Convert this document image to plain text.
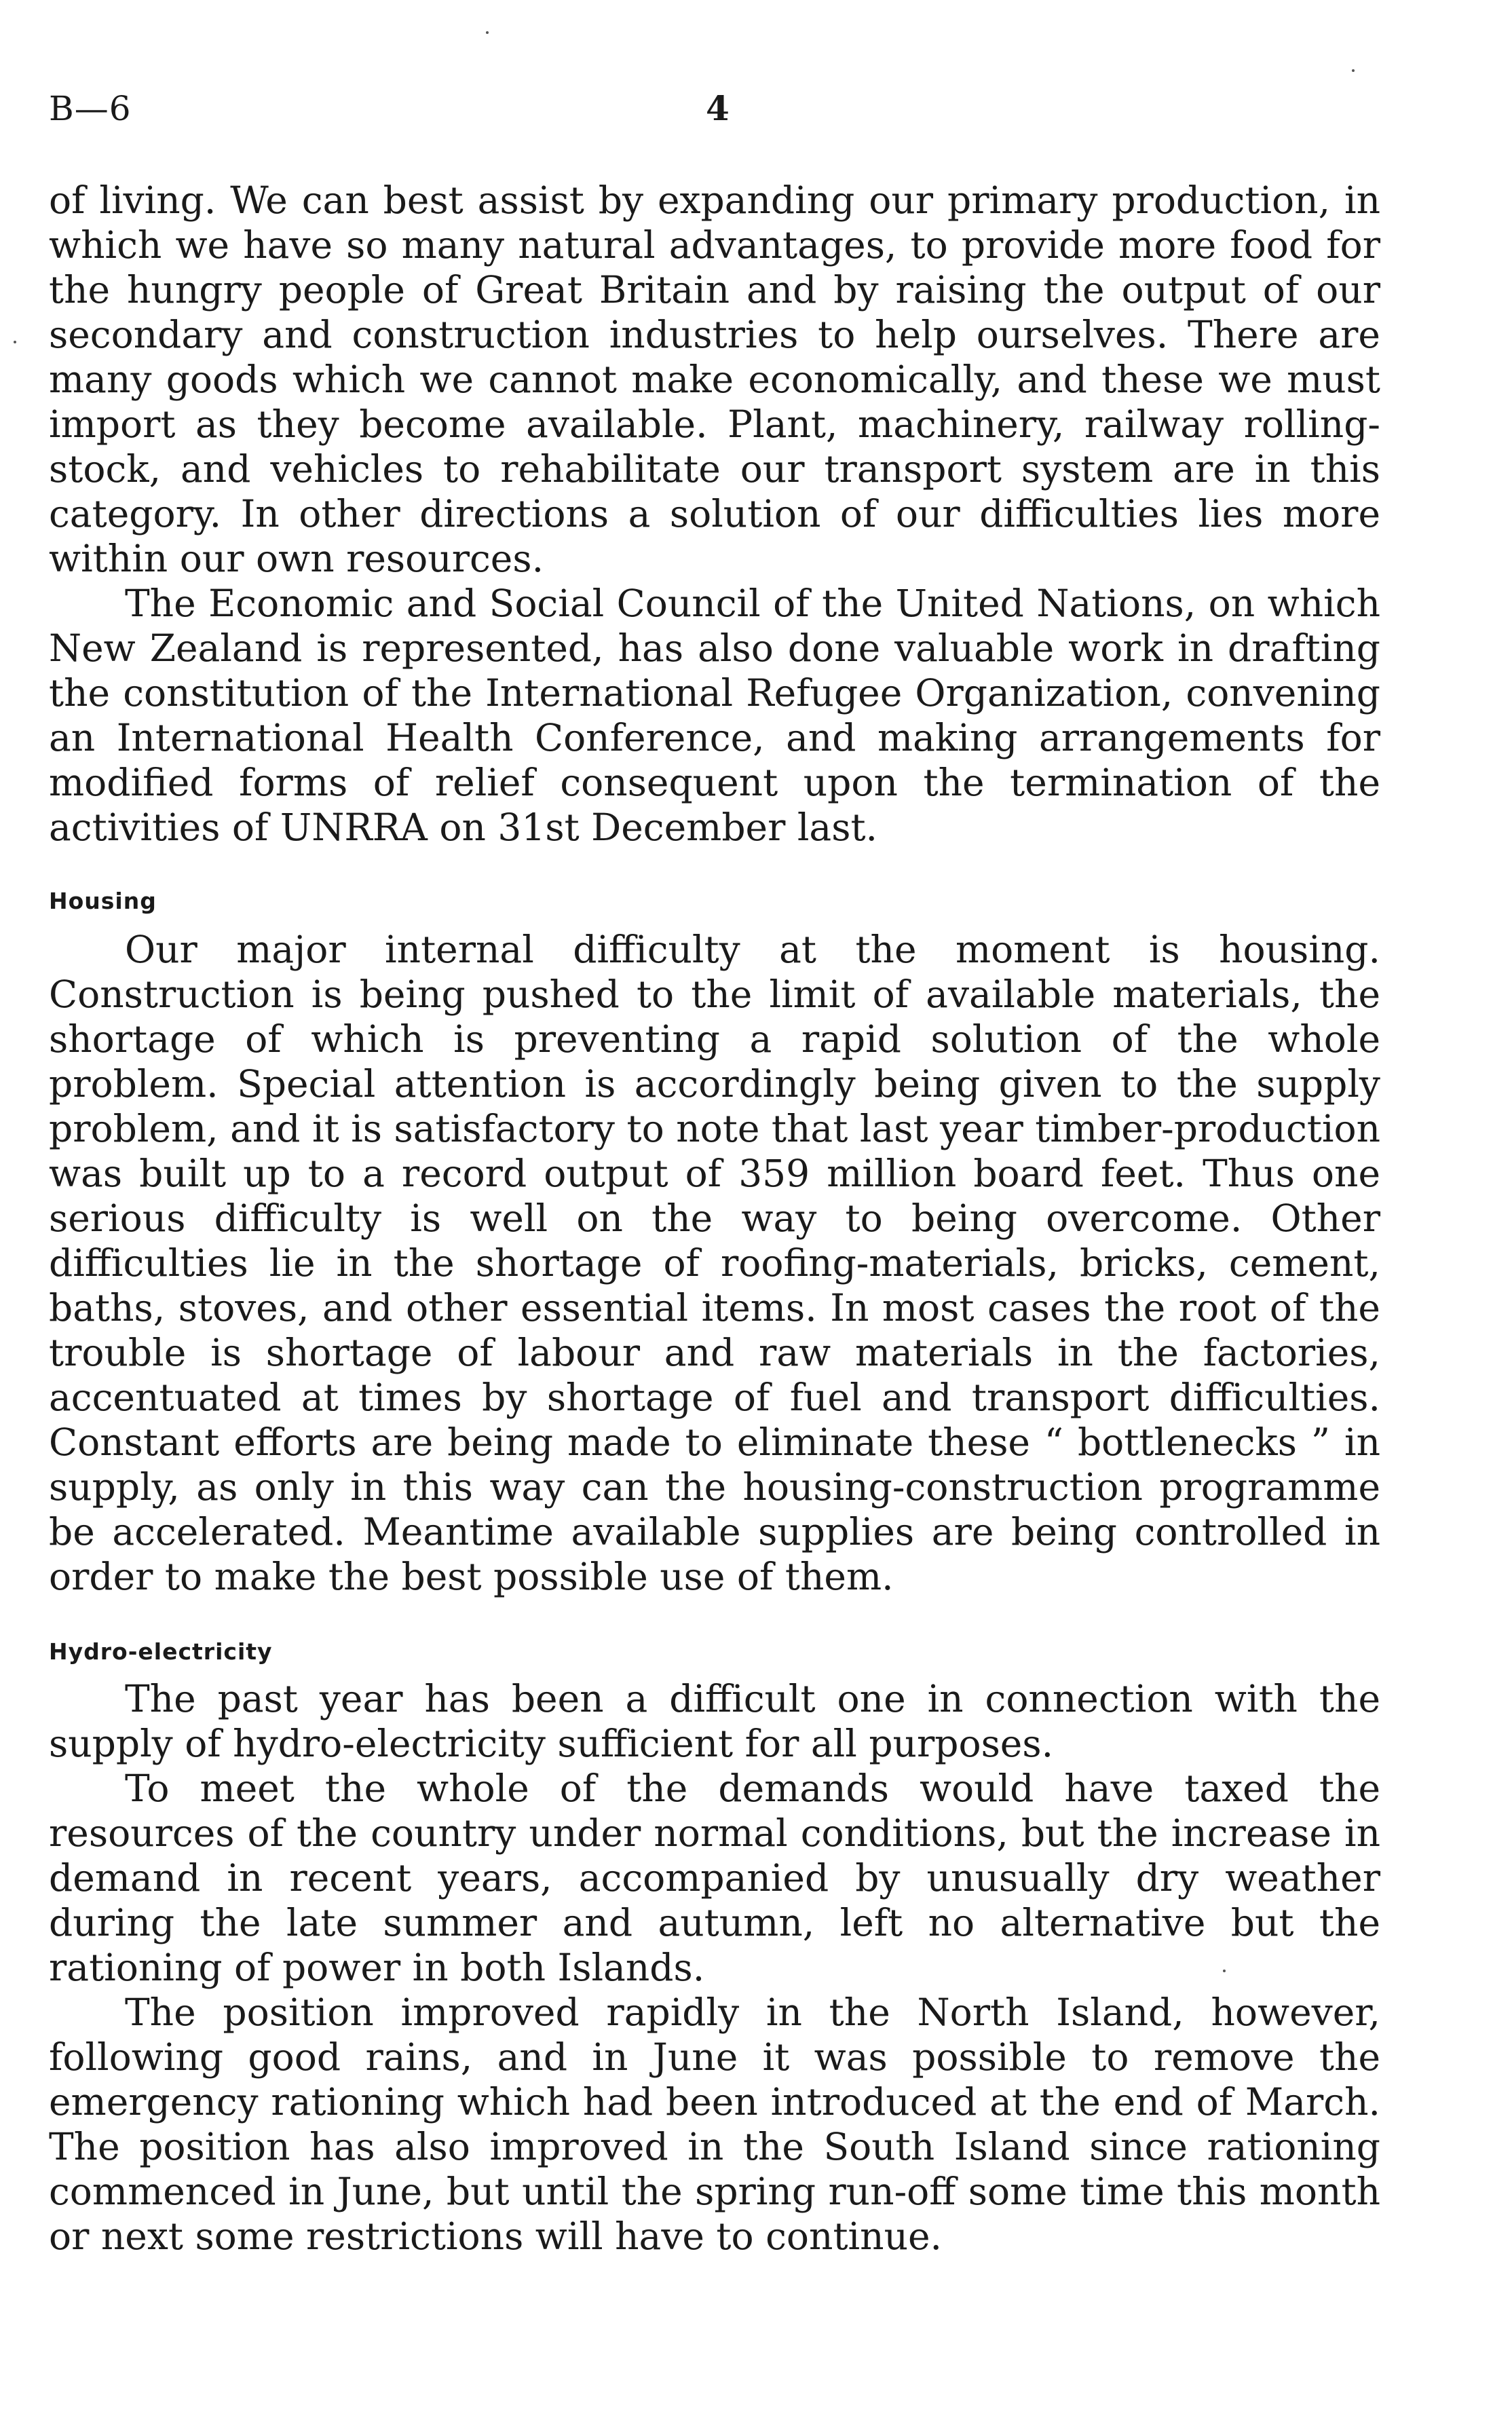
B—6	4

of living. We can best assist by expanding our primary production, in which we have so many natural advantages, to provide more food for the hungry people of Great Britain and by raising the output of our secondary and construction industries to help ourselves. There are many goods which we cannot make economically, and these we must import as they become available. Plant, machinery, railway rolling-stock, and vehicles to rehabilitate our transport system are in this category. In other directions a solution of our difficulties lies more within our own resources.

The Economic and Social Council of the United Nations, on which New Zealand is represented, has also done valuable work in drafting the constitution of the International Refugee Organization, convening an International Health Conference, and making arrangements for modified forms of relief consequent upon the termination of the activities of UNRRA on 31st December last.

Housing

Our major internal difficulty at the moment is housing. Construction is being pushed to the limit of available materials, the shortage of which is preventing a rapid solution of the whole problem. Special attention is accordingly being given to the supply problem, and it is satisfactory to note that last year timber-production was built up to a record output of 359 million board feet. Thus one serious difficulty is well on the way to being overcome. Other difficulties lie in the shortage of roofing-materials, bricks, cement, baths, stoves, and other essential items. In most cases the root of the trouble is shortage of labour and raw materials in the factories, accentuated at times by shortage of fuel and transport difficulties. Constant efforts are being made to eliminate these “ bottlenecks ” in supply, as only in this way can the housing-construction programme be accelerated. Meantime available supplies are being controlled in order to make the best possible use of them.

Hydro-electricity

The past year has been a difficult one in connection with the supply of hydro-electricity sufficient for all purposes.

To meet the whole of the demands would have taxed the resources of the country under normal conditions, but the increase in demand in recent years, accompanied by unusually dry weather during the late summer and autumn, left no alternative but the rationing of power in both Islands.

The position improved rapidly in the North Island, however, following good rains, and in June it was possible to remove the emergency rationing which had been introduced at the end of March. The position has also improved in the South Island since rationing commenced in June, but until the spring run-off some time this month or next some restrictions will have to continue.
